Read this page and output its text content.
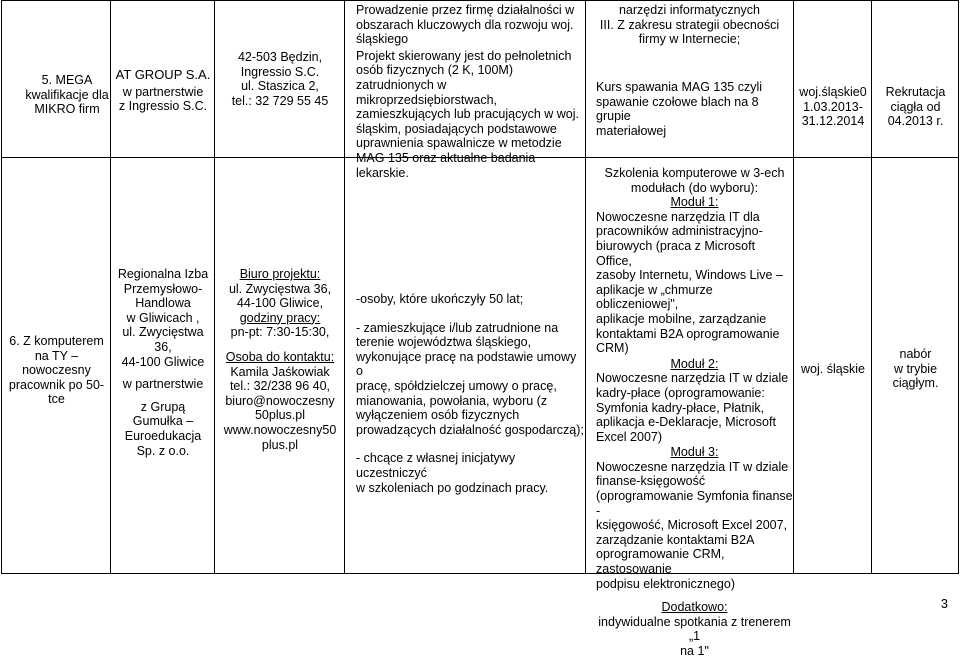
5. MEGA kwalifikacje dla MIKRO firm
AT GROUP S.A.
w partnerstwie
z Ingressio S.C.
42-503 Będzin,
Ingressio S.C.
ul. Staszica 2,
tel.: 32 729 55 45
Prowadzenie przez firmę działalności w
obszarach kluczowych dla rozwoju woj.
śląskiego
Projekt skierowany jest do pełnoletnich
osób fizycznych (2 K, 100M)
zatrudnionych w
mikroprzedsiębiorstwach,
zamieszkujących lub pracujących w woj.
śląskim, posiadających podstawowe
uprawnienia spawalnicze w metodzie
MAG 135 oraz aktualne badania
lekarskie.
narzędzi informatycznych
III. Z zakresu strategii obecności
firmy w Internecie;
Kurs spawania MAG 135 czyli
spawanie czołowe blach na 8 grupie
materiałowej
woj.śląskie0
1.03.2013-
31.12.2014
Rekrutacja
ciągła od
04.2013 r.
6. Z komputerem
na TY –
nowoczesny
pracownik po 50-
tce
Regionalna Izba
Przemysłowo-
Handlowa
w Gliwicach ,
ul. Zwycięstwa
36,
44-100 Gliwice
w partnerstwie
z Grupą
Gumułka –
Euroedukacja
Sp. z o.o.
Biuro projektu:
ul. Zwycięstwa 36,
44-100 Gliwice,
godziny pracy:
pn-pt: 7:30-15:30,
Osoba do kontaktu:
Kamila Jaśkowiak
tel.: 32/238 96 40,
biuro@nowoczesny
50plus.pl
www.nowoczesny50
plus.pl
-osoby, które ukończyły 50 lat;
- zamieszkujące i/lub zatrudnione na
terenie województwa śląskiego,
wykonujące pracę na podstawie umowy o
pracę, spółdzielczej umowy o pracę,
mianowania, powołania, wyboru (z
wyłączeniem osób fizycznych
prowadzących działalność gospodarczą);
- chcące z własnej inicjatywy uczestniczyć
w szkoleniach po godzinach pracy.
Szkolenia komputerowe w 3-ech
modułach (do wyboru):
Moduł 1:
Nowoczesne narzędzia IT dla
pracowników administracyjno-
biurowych (praca z Microsoft Office,
zasoby Internetu, Windows Live –
aplikacje w „chmurze obliczeniowej",
aplikacje mobilne, zarządzanie
kontaktami B2A oprogramowanie
CRM)
Moduł 2:
Nowoczesne narzędzia IT w dziale
kadry-płace (oprogramowanie:
Symfonia kadry-płace, Płatnik,
aplikacja e-Deklaracje, Microsoft
Excel 2007)
Moduł 3:
Nowoczesne narzędzia IT w dziale
finanse-księgowość
(oprogramowanie Symfonia finanse -
księgowość, Microsoft Excel 2007,
zarządzanie kontaktami B2A
oprogramowanie CRM, zastosowanie
podpisu elektronicznego)
Dodatkowo:
indywidualne spotkania z trenerem „1
na 1"
woj. śląskie
nabór
w trybie
ciągłym.
3
